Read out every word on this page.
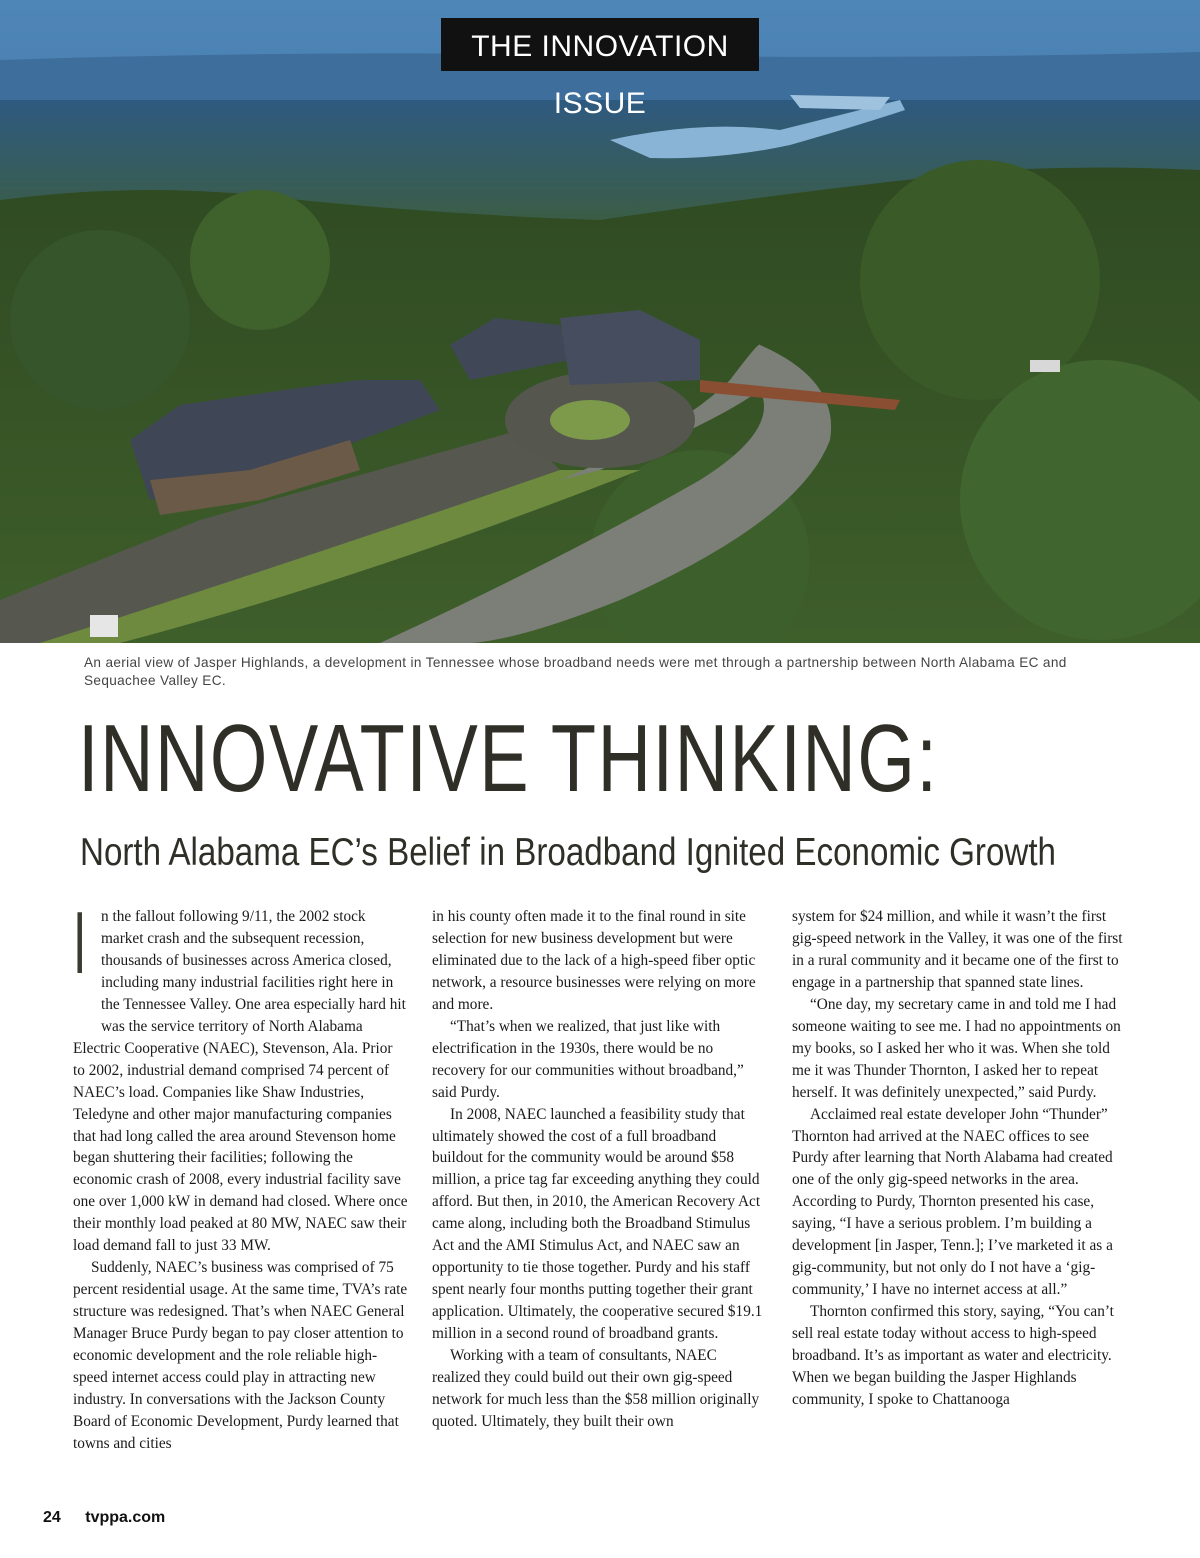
THE INNOVATION ISSUE
An aerial view of Jasper Highlands, a development in Tennessee whose broadband needs were met through a partnership between North Alabama EC and Sequachee Valley EC.
INNOVATIVE THINKING:
North Alabama EC’s Belief in Broadband Ignited Economic Growth
I n the fallout following 9/11, the 2002 stock market crash and the subsequent recession, thousands of businesses across America closed, including many industrial facilities right here in the Tennessee Valley. One area especially hard hit was the service territory of North Alabama Electric Cooperative (NAEC), Stevenson, Ala. Prior to 2002, industrial demand comprised 74 percent of NAEC’s load. Companies like Shaw Industries, Teledyne and other major manufacturing companies that had long called the area around Stevenson home began shuttering their facilities; following the economic crash of 2008, every industrial facility save one over 1,000 kW in demand had closed. Where once their monthly load peaked at 80 MW, NAEC saw their load demand fall to just 33 MW.

Suddenly, NAEC’s business was comprised of 75 percent residential usage. At the same time, TVA’s rate structure was redesigned. That’s when NAEC General Manager Bruce Purdy began to pay closer attention to economic development and the role reliable high-speed internet access could play in attracting new industry. In conversations with the Jackson County Board of Economic Development, Purdy learned that towns and cities

in his county often made it to the final round in site selection for new business development but were eliminated due to the lack of a high-speed fiber optic network, a resource businesses were relying on more and more.

“That’s when we realized, that just like with electrification in the 1930s, there would be no recovery for our communities without broadband,” said Purdy.

In 2008, NAEC launched a feasibility study that ultimately showed the cost of a full broadband buildout for the community would be around $58 million, a price tag far exceeding anything they could afford. But then, in 2010, the American Recovery Act came along, including both the Broadband Stimulus Act and the AMI Stimulus Act, and NAEC saw an opportunity to tie those together. Purdy and his staff spent nearly four months putting together their grant application. Ultimately, the cooperative secured $19.1 million in a second round of broadband grants.

Working with a team of consultants, NAEC realized they could build out their own gig-speed network for much less than the $58 million originally quoted. Ultimately, they built their own

system for $24 million, and while it wasn’t the first gig-speed network in the Valley, it was one of the first in a rural community and it became one of the first to engage in a partnership that spanned state lines.

“One day, my secretary came in and told me I had someone waiting to see me. I had no appointments on my books, so I asked her who it was. When she told me it was Thunder Thornton, I asked her to repeat herself. It was definitely unexpected,” said Purdy.

Acclaimed real estate developer John “Thunder” Thornton had arrived at the NAEC offices to see Purdy after learning that North Alabama had created one of the only gig-speed networks in the area. According to Purdy, Thornton presented his case, saying, “I have a serious problem. I’m building a development [in Jasper, Tenn.]; I’ve marketed it as a gig-community, but not only do I not have a ‘gig-community,’ I have no internet access at all.”

Thornton confirmed this story, saying, “You can’t sell real estate today without access to high-speed broadband. It’s as important as water and electricity. When we began building the Jasper Highlands community, I spoke to Chattanooga

24 tvppa.com
